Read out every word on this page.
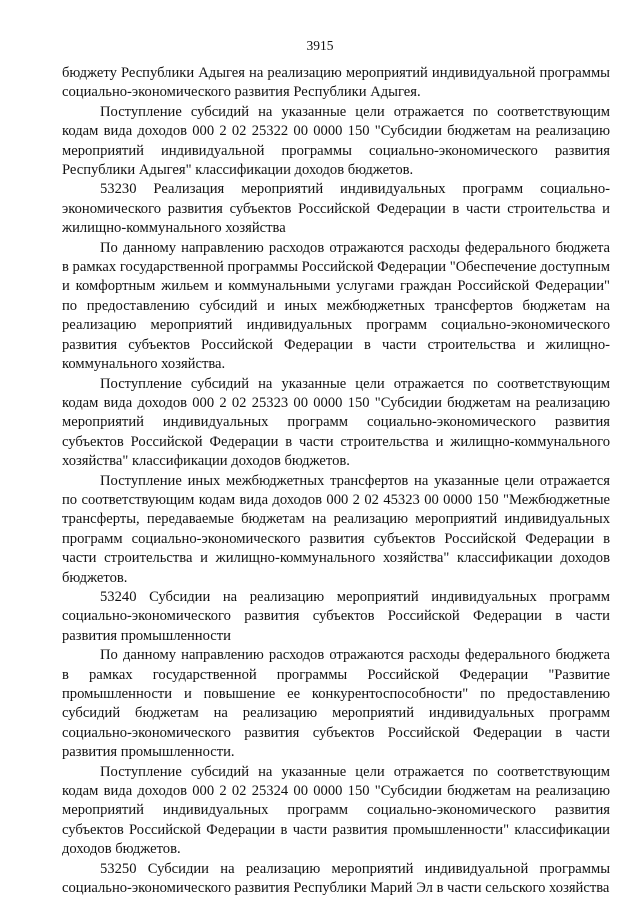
3915

бюджету Республики Адыгея на реализацию мероприятий индивидуальной программы социально-экономического развития Республики Адыгея.

Поступление субсидий на указанные цели отражается по соответствующим кодам вида доходов 000 2 02 25322 00 0000 150 "Субсидии бюджетам на реализацию мероприятий индивидуальной программы социально-экономического развития Республики Адыгея" классификации доходов бюджетов.

53230 Реализация мероприятий индивидуальных программ социально-экономического развития субъектов Российской Федерации в части строительства и жилищно-коммунального хозяйства

По данному направлению расходов отражаются расходы федерального бюджета в рамках государственной программы Российской Федерации "Обеспечение доступным и комфортным жильем и коммунальными услугами граждан Российской Федерации" по предоставлению субсидий и иных межбюджетных трансфертов бюджетам на реализацию мероприятий индивидуальных программ социально-экономического развития субъектов Российской Федерации в части строительства и жилищно-коммунального хозяйства.

Поступление субсидий на указанные цели отражается по соответствующим кодам вида доходов 000 2 02 25323 00 0000 150 "Субсидии бюджетам на реализацию мероприятий индивидуальных программ социально-экономического развития субъектов Российской Федерации в части строительства и жилищно-коммунального хозяйства" классификации доходов бюджетов.

Поступление иных межбюджетных трансфертов на указанные цели отражается по соответствующим кодам вида доходов 000 2 02 45323 00 0000 150 "Межбюджетные трансферты, передаваемые бюджетам на реализацию мероприятий индивидуальных программ социально-экономического развития субъектов Российской Федерации в части строительства и жилищно-коммунального хозяйства" классификации доходов бюджетов.

53240 Субсидии на реализацию мероприятий индивидуальных программ социально-экономического развития субъектов Российской Федерации в части развития промышленности

По данному направлению расходов отражаются расходы федерального бюджета в рамках государственной программы Российской Федерации "Развитие промышленности и повышение ее конкурентоспособности" по предоставлению субсидий бюджетам на реализацию мероприятий индивидуальных программ социально-экономического развития субъектов Российской Федерации в части развития промышленности.

Поступление субсидий на указанные цели отражается по соответствующим кодам вида доходов 000 2 02 25324 00 0000 150 "Субсидии бюджетам на реализацию мероприятий индивидуальных программ социально-экономического развития субъектов Российской Федерации в части развития промышленности" классификации доходов бюджетов.

53250 Субсидии на реализацию мероприятий индивидуальной программы социально-экономического развития Республики Марий Эл в части сельского хозяйства
